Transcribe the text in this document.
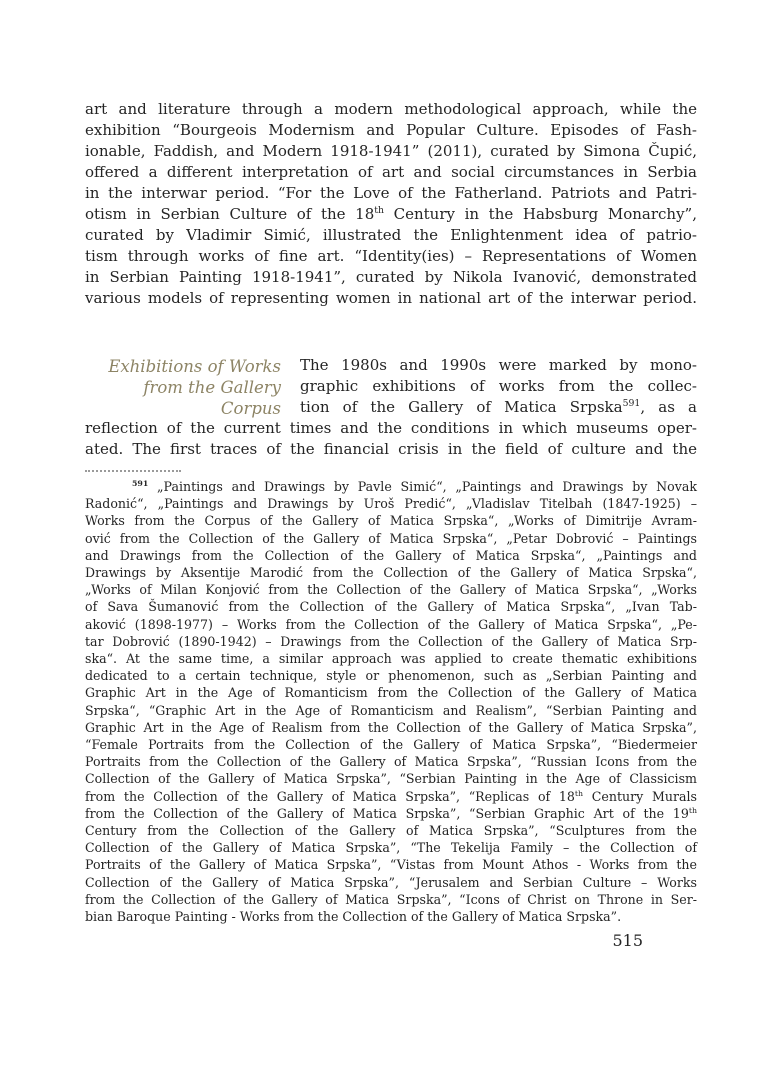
art and literature through a modern methodological approach, while the
exhibition “Bourgeois Modernism and Popular Culture. Episodes of Fash-
ionable, Faddish, and Modern 1918-1941” (2011), curated by Simona Čupić,
offered a different interpretation of art and social circumstances in Serbia
in the interwar period. “For the Love of the Fatherland. Patriots and Patri-
otism in Serbian Culture of the 18th Century in the Habsburg Monarchy”,
curated by Vladimir Simić, illustrated the Enlightenment idea of patrio-
tism through works of fine art. “Identity(ies) – Representations of Women
in Serbian Painting 1918-1941”, curated by Nikola Ivanović, demonstrated
various models of representing women in national art of the interwar period.
Exhibitions of Works
from the Gallery Corpus
The 1980s and 1990s were marked by mono-
graphic exhibitions of works from the collec-
tion of the Gallery of Matica Srpska$^{591}$, as a
reflection of the current times and the conditions in which museums oper-
ated. The first traces of the financial crisis in the field of culture and the
$^{591}$ „Paintings and Drawings by Pavle Simić“, „Paintings and Drawings by Novak
Radonić“, „Paintings and Drawings by Uroš Predić“, „Vladislav Titelbah (1847-1925) –
Works from the Corpus of the Gallery of Matica Srpska“, „Works of Dimitrije Avram-
ović from the Collection of the Gallery of Matica Srpska“, „Petar Dobrović – Paintings
and Drawings from the Collection of the Gallery of Matica Srpska“, „Paintings and
Drawings by Aksentije Marodić from the Collection of the Gallery of Matica Srpska“,
„Works of Milan Konjović from the Collection of the Gallery of Matica Srpska“, „Works
of Sava Šumanović from the Collection of the Gallery of Matica Srpska“, „Ivan Tab-
aković (1898-1977) – Works from the Collection of the Gallery of Matica Srpska“, „Pe-
tar Dobrović (1890-1942) – Drawings from the Collection of the Gallery of Matica Srp-
ska“. At the same time, a similar approach was applied to create thematic exhibitions
dedicated to a certain technique, style or phenomenon, such as „Serbian Painting and
Graphic Art in the Age of Romanticism from the Collection of the Gallery of Matica
Srpska“, “Graphic Art in the Age of Romanticism and Realism”, “Serbian Painting and
Graphic Art in the Age of Realism from the Collection of the Gallery of Matica Srpska”,
“Female Portraits from the Collection of the Gallery of Matica Srpska”, “Biedermeier
Portraits from the Collection of the Gallery of Matica Srpska”, “Russian Icons from the
Collection of the Gallery of Matica Srpska”, “Serbian Painting in the Age of Classicism
from the Collection of the Gallery of Matica Srpska”, “Replicas of 18th Century Murals
from the Collection of the Gallery of Matica Srpska”, “Serbian Graphic Art of the 19th
Century from the Collection of the Gallery of Matica Srpska”, “Sculptures from the
Collection of the Gallery of Matica Srpska”, “The Tekelija Family – the Collection of
Portraits of the Gallery of Matica Srpska”, “Vistas from Mount Athos - Works from the
Collection of the Gallery of Matica Srpska”, “Jerusalem and Serbian Culture – Works
from the Collection of the Gallery of Matica Srpska”, “Icons of Christ on Throne in Ser-
bian Baroque Painting - Works from the Collection of the Gallery of Matica Srpska”.
515
